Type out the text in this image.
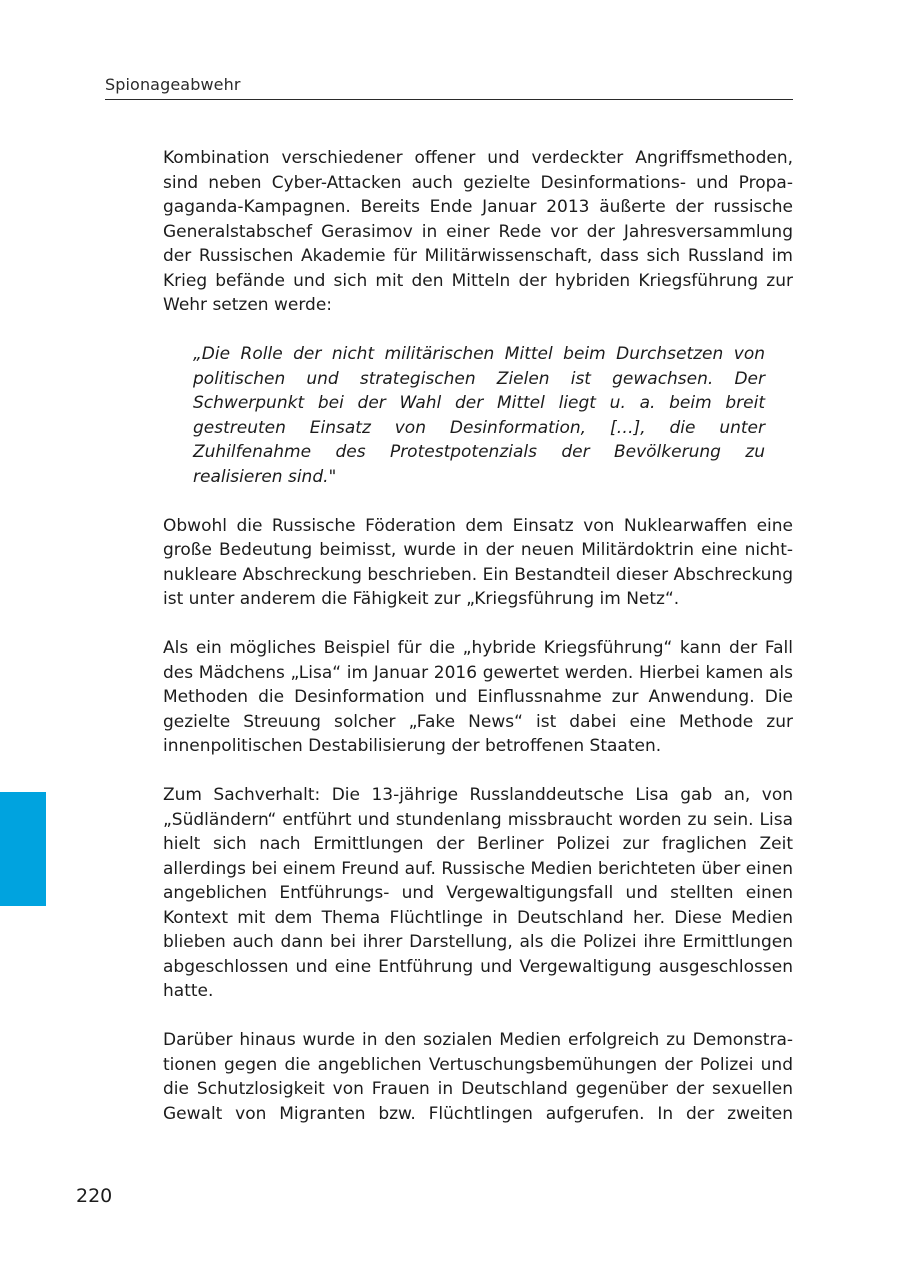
Spionageabwehr

Kombination verschiedener offener und verdeckter Angriffsmethoden, sind neben Cyber-Attacken auch gezielte Desinformations- und Propagaganda-Kampagnen. Bereits Ende Januar 2013 äußerte der russische Generalstabschef Gerasimov in einer Rede vor der Jahresversammlung der Russischen Akademie für Militärwissenschaft, dass sich Russland im Krieg befände und sich mit den Mitteln der hybriden Kriegsführung zur Wehr setzen werde:

„Die Rolle der nicht militärischen Mittel beim Durchsetzen von politischen und strategischen Zielen ist gewachsen. Der Schwerpunkt bei der Wahl der Mittel liegt u. a. beim breit gestreuten Einsatz von Desinformation, […], die unter Zuhilfenahme des Protestpotenzials der Bevölkerung zu realisieren sind."

Obwohl die Russische Föderation dem Einsatz von Nuklearwaffen eine große Bedeutung beimisst, wurde in der neuen Militärdoktrin eine nicht-nukleare Abschreckung beschrieben. Ein Bestandteil dieser Abschreckung ist unter anderem die Fähigkeit zur „Kriegsführung im Netz“.

Als ein mögliches Beispiel für die „hybride Kriegsführung“ kann der Fall des Mädchens „Lisa“ im Januar 2016 gewertet werden. Hierbei kamen als Methoden die Desinformation und Einflussnahme zur Anwendung. Die gezielte Streuung solcher „Fake News“ ist dabei eine Methode zur innenpolitischen Destabilisierung der betroffenen Staaten.

Zum Sachverhalt: Die 13-jährige Russlanddeutsche Lisa gab an, von „Südländern“ entführt und stundenlang missbraucht worden zu sein. Lisa hielt sich nach Ermittlungen der Berliner Polizei zur fraglichen Zeit allerdings bei einem Freund auf. Russische Medien berichteten über einen angeblichen Entführungs- und Vergewaltigungsfall und stellten einen Kontext mit dem Thema Flüchtlinge in Deutschland her. Diese Medien blieben auch dann bei ihrer Darstellung, als die Polizei ihre Ermittlungen abgeschlossen und eine Entführung und Vergewaltigung ausgeschlossen hatte.

Darüber hinaus wurde in den sozialen Medien erfolgreich zu Demonstrationen gegen die angeblichen Vertuschungsbemühungen der Polizei und die Schutzlosigkeit von Frauen in Deutschland gegenüber der sexuellen Gewalt von Migranten bzw. Flüchtlingen aufgerufen. In der zweiten

220
